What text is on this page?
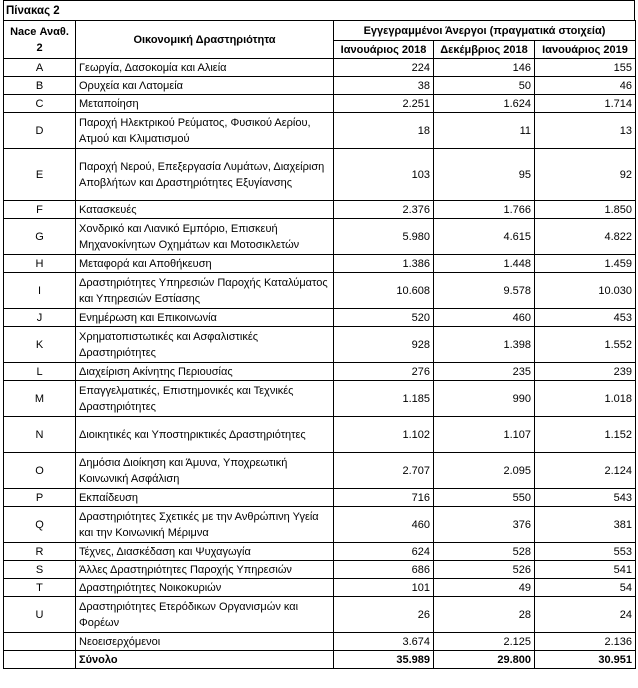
Πίνακας 2
Nace Αναθ. 2	Οικονομική Δραστηριότητα	Εγγεγραμμένοι Άνεργοι (πραγματικά στοιχεία)		
		Ιανουάριος 2018	Δεκέμβριος 2018	Ιανουάριος 2019
A	Γεωργία, Δασοκομία και Αλιεία	224	146	155
B	Ορυχεία και Λατομεία	38	50	46
C	Μεταποίηση	2.251	1.624	1.714
D	Παροχή Ηλεκτρικού Ρεύματος, Φυσικού Αερίου, Ατμού και Κλιματισμού	18	11	13
E	Παροχή Νερού, Επεξεργασία Λυμάτων, Διαχείριση Αποβλήτων και Δραστηριότητες Εξυγίανσης	103	95	92
F	Κατασκευές	2.376	1.766	1.850
G	Χονδρικό και Λιανικό Εμπόριο, Επισκευή Μηχανοκίνητων Οχημάτων και Μοτοσικλετών	5.980	4.615	4.822
H	Μεταφορά και Αποθήκευση	1.386	1.448	1.459
I	Δραστηριότητες Υπηρεσιών Παροχής Καταλύματος και Υπηρεσιών Εστίασης	10.608	9.578	10.030
J	Ενημέρωση και Επικοινωνία	520	460	453
K	Χρηματοπιστωτικές και Ασφαλιστικές Δραστηριότητες	928	1.398	1.552
L	Διαχείριση Ακίνητης Περιουσίας	276	235	239
M	Επαγγελματικές, Επιστημονικές και Τεχνικές Δραστηριότητες	1.185	990	1.018
N	Διοικητικές και Υποστηρικτικές Δραστηριότητες	1.102	1.107	1.152
O	Δημόσια Διοίκηση και Άμυνα, Υποχρεωτική Κοινωνική Ασφάλιση	2.707	2.095	2.124
P	Εκπαίδευση	716	550	543
Q	Δραστηριότητες Σχετικές με την Ανθρώπινη Υγεία και την Κοινωνική Μέριμνα	460	376	381
R	Τέχνες, Διασκέδαση και Ψυχαγωγία	624	528	553
S	Άλλες Δραστηριότητες Παροχής Υπηρεσιών	686	526	541
T	Δραστηριότητες Νοικοκυριών	101	49	54
U	Δραστηριότητες Ετερόδικων Οργανισμών και Φορέων	26	28	24
	Νεοεισερχόμενοι	3.674	2.125	2.136
	Σύνολο	35.989	29.800	30.951
